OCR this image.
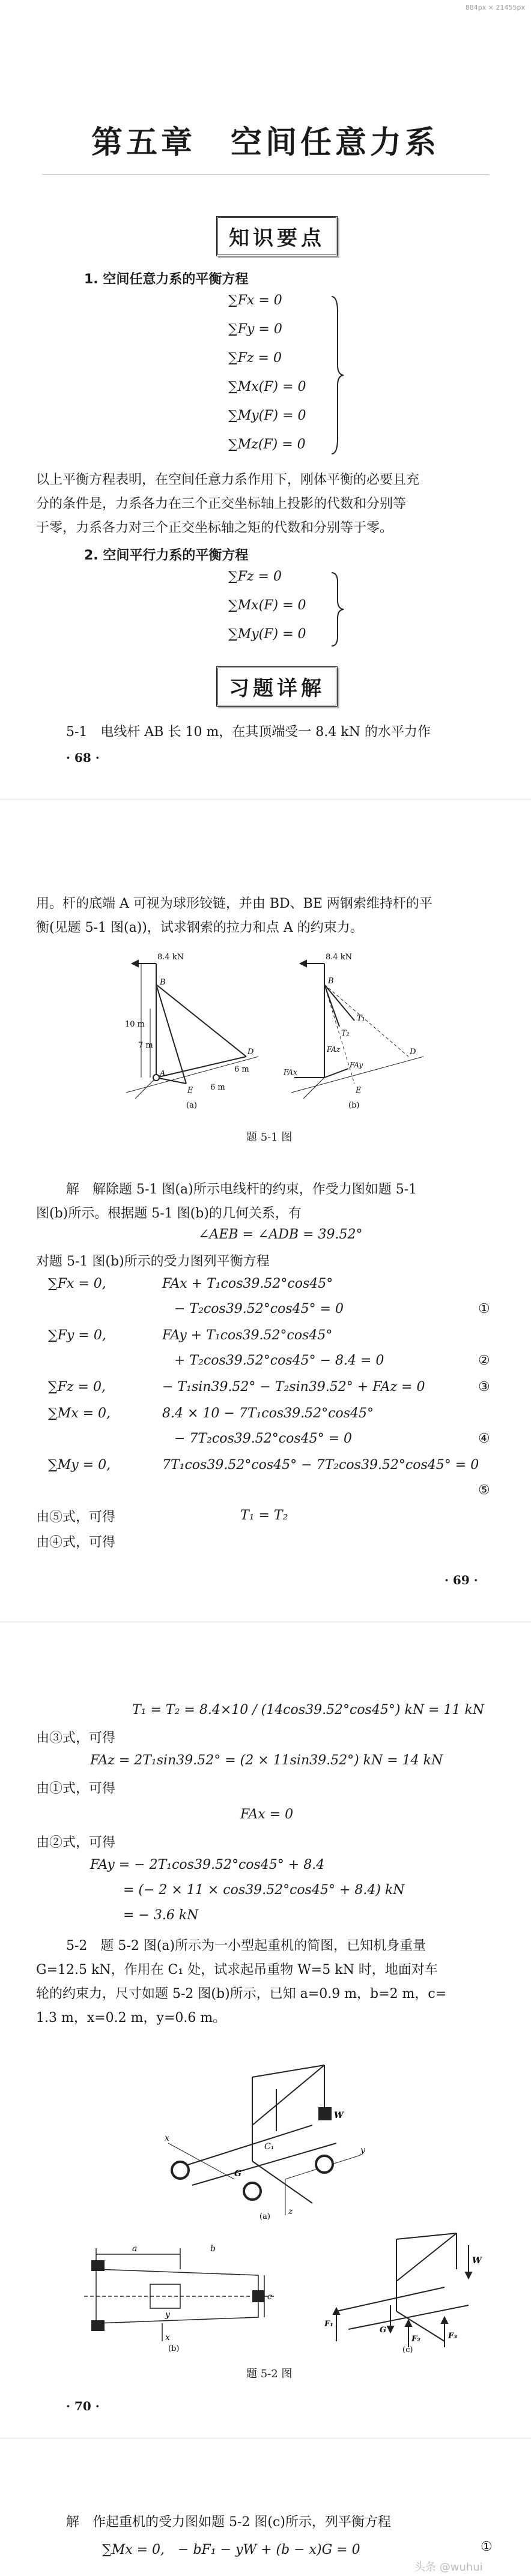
884px × 21455px
第五章　空间任意力系
知识要点
1. 空间任意力系的平衡方程
∑Fx = 0
∑Fy = 0
∑Fz = 0
∑Mx(F) = 0
∑My(F) = 0
∑Mz(F) = 0
以上平衡方程表明，在空间任意力系作用下，刚体平衡的必要且充
分的条件是，力系各力在三个正交坐标轴上投影的代数和分别等
于零，力系各力对三个正交坐标轴之矩的代数和分别等于零。
2. 空间平行力系的平衡方程
∑Fz = 0
∑Mx(F) = 0
∑My(F) = 0
习题详解
5-1　电线杆 AB 长 10 m，在其顶端受一 8.4 kN 的水平力作
· 68 ·
用。杆的底端 A 可视为球形铰链，并由 BD、BE 两钢索维持杆的平
衡(见题 5-1 图(a))，试求钢索的拉力和点 A 的约束力。
8.4 kN
10 m
7 m
6 m
6 m
B
A
D
E
(a)
8.4 kN
T₁
T₂
FAx
FAy
FAz
B
D
E
(b)
题 5-1 图
解　解除题 5-1 图(a)所示电线杆的约束，作受力图如题 5-1
图(b)所示。根据题 5-1 图(b)的几何关系，有
∠AEB = ∠ADB = 39.52°
对题 5-1 图(b)所示的受力图列平衡方程
∑Fx = 0,	FAx + T₁cos39.52°cos45°
− T₂cos39.52°cos45° = 0	①
∑Fy = 0,	FAy + T₁cos39.52°cos45°
+ T₂cos39.52°cos45° − 8.4 = 0	②
∑Fz = 0,	− T₁sin39.52° − T₂sin39.52° + FAz = 0	③
∑Mx = 0,	8.4 × 10 − 7T₁cos39.52°cos45°
− 7T₂cos39.52°cos45° = 0	④
∑My = 0,	7T₁cos39.52°cos45° − 7T₂cos39.52°cos45° = 0
⑤
由⑤式，可得	T₁ = T₂
由④式，可得
· 69 ·
T₁ = T₂ = 8.4×10 / (14cos39.52°cos45°) kN = 11 kN
由③式，可得
FAz = 2T₁sin39.52° = (2 × 11sin39.52°) kN = 14 kN
由①式，可得
FAx = 0
由②式，可得
FAy = − 2T₁cos39.52°cos45° + 8.4
= (− 2 × 11 × cos39.52°cos45° + 8.4) kN
= − 3.6 kN
5-2　题 5-2 图(a)所示为一小型起重机的简图，已知机身重量
G=12.5 kN，作用在 C₁ 处，试求起吊重物 W=5 kN 时，地面对车
轮的约束力，尺寸如题 5-2 图(b)所示，已知 a=0.9 m，b=2 m，c=
1.3 m，x=0.2 m，y=0.6 m。
W
G
C₁
x
y
z
(a)
a	b
c
y
x
(b)
W
F₁
F₂	F₃
G
(c)
题 5-2 图
· 70 ·
解　作起重机的受力图如题 5-2 图(c)所示，列平衡方程
∑Mx = 0,　− bF₁ − yW + (b − x)G = 0	①
头条 @wuhui
